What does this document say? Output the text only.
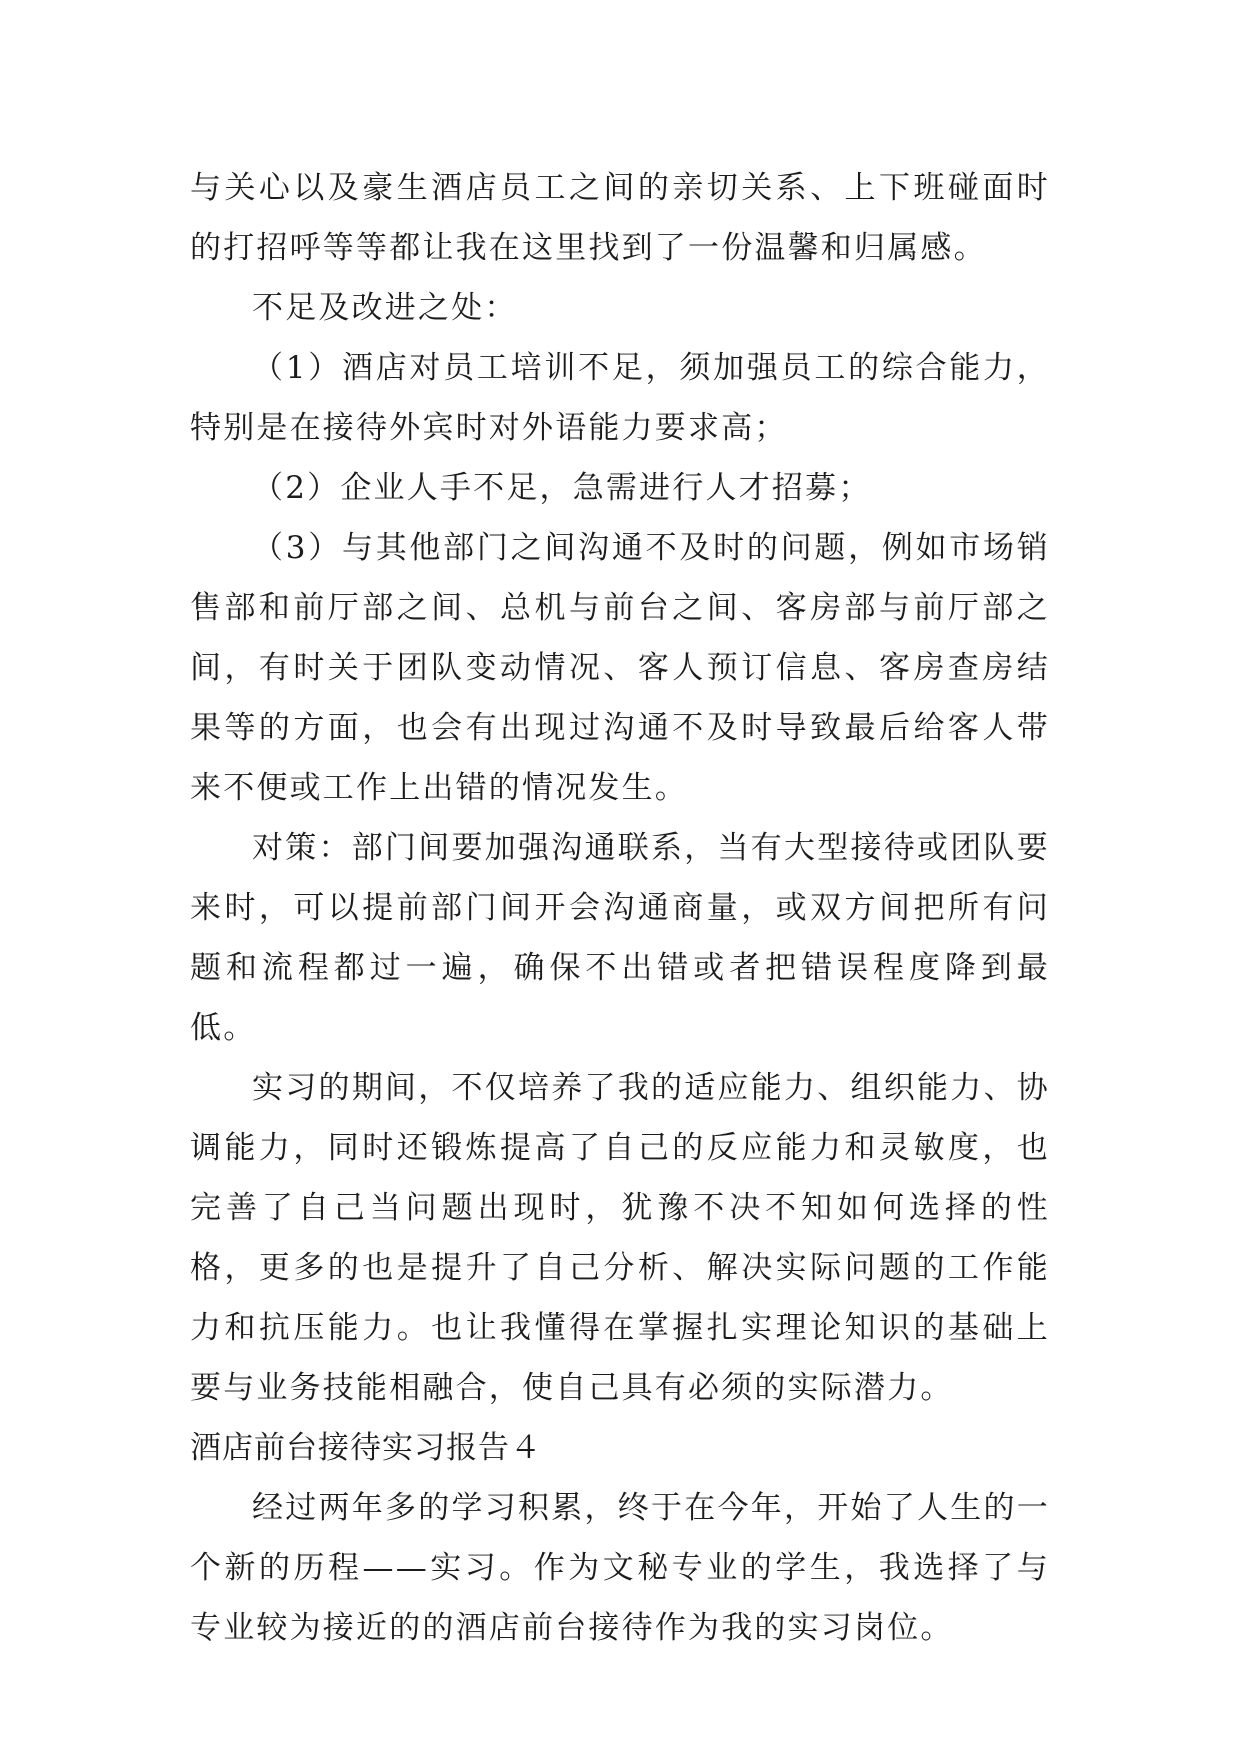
与关心以及豪生酒店员工之间的亲切关系、上下班碰面时的打招呼等等都让我在这里找到了一份温馨和归属感。

不足及改进之处：

（1）酒店对员工培训不足，须加强员工的综合能力，特别是在接待外宾时对外语能力要求高；

（2）企业人手不足，急需进行人才招募；

（3）与其他部门之间沟通不及时的问题，例如市场销售部和前厅部之间、总机与前台之间、客房部与前厅部之间，有时关于团队变动情况、客人预订信息、客房查房结果等的方面，也会有出现过沟通不及时导致最后给客人带来不便或工作上出错的情况发生。

对策：部门间要加强沟通联系，当有大型接待或团队要来时，可以提前部门间开会沟通商量，或双方间把所有问题和流程都过一遍，确保不出错或者把错误程度降到最低。

实习的期间，不仅培养了我的适应能力、组织能力、协调能力，同时还锻炼提高了自己的反应能力和灵敏度，也完善了自己当问题出现时，犹豫不决不知如何选择的性格，更多的也是提升了自己分析、解决实际问题的工作能力和抗压能力。也让我懂得在掌握扎实理论知识的基础上要与业务技能相融合，使自己具有必须的实际潜力。

酒店前台接待实习报告４

经过两年多的学习积累，终于在今年，开始了人生的一个新的历程——实习。作为文秘专业的学生，我选择了与专业较为接近的的酒店前台接待作为我的实习岗位。
